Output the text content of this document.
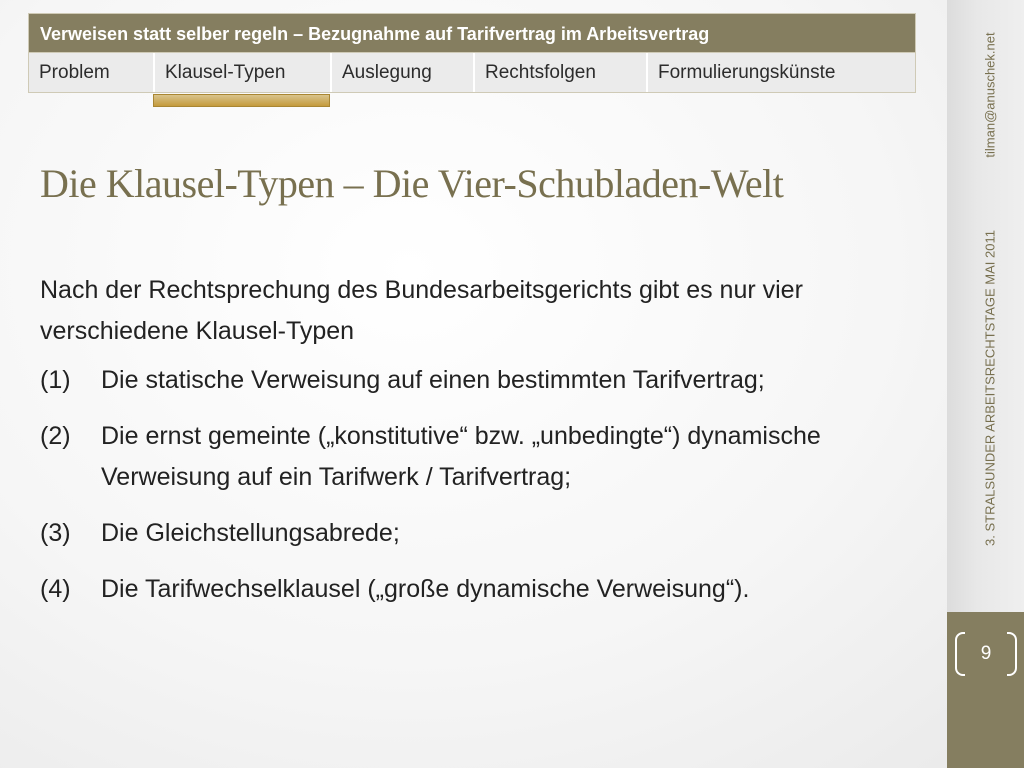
tilman@anuschek.net
3. STRALSUNDER ARBEITSRECHTSTAGE MAI 2011
9
Verweisen statt selber regeln – Bezugnahme auf Tarifvertrag im Arbeitsvertrag
Problem	Klausel-Typen	Auslegung	Rechtsfolgen	Formulierungskünste
Die Klausel-Typen – Die Vier-Schubladen-Welt

Nach der Rechtsprechung des Bundesarbeitsgerichts gibt es nur vier verschiedene Klausel-Typen

(1)	Die statische Verweisung auf einen bestimmten Tarifvertrag;
(2)	Die ernst gemeinte („konstitutive“ bzw. „unbedingte“) dynamische Verweisung auf ein Tarifwerk / Tarifvertrag;
(3)	Die Gleichstellungsabrede;
(4)	Die Tarifwechselklausel („große dynamische Verweisung“).
